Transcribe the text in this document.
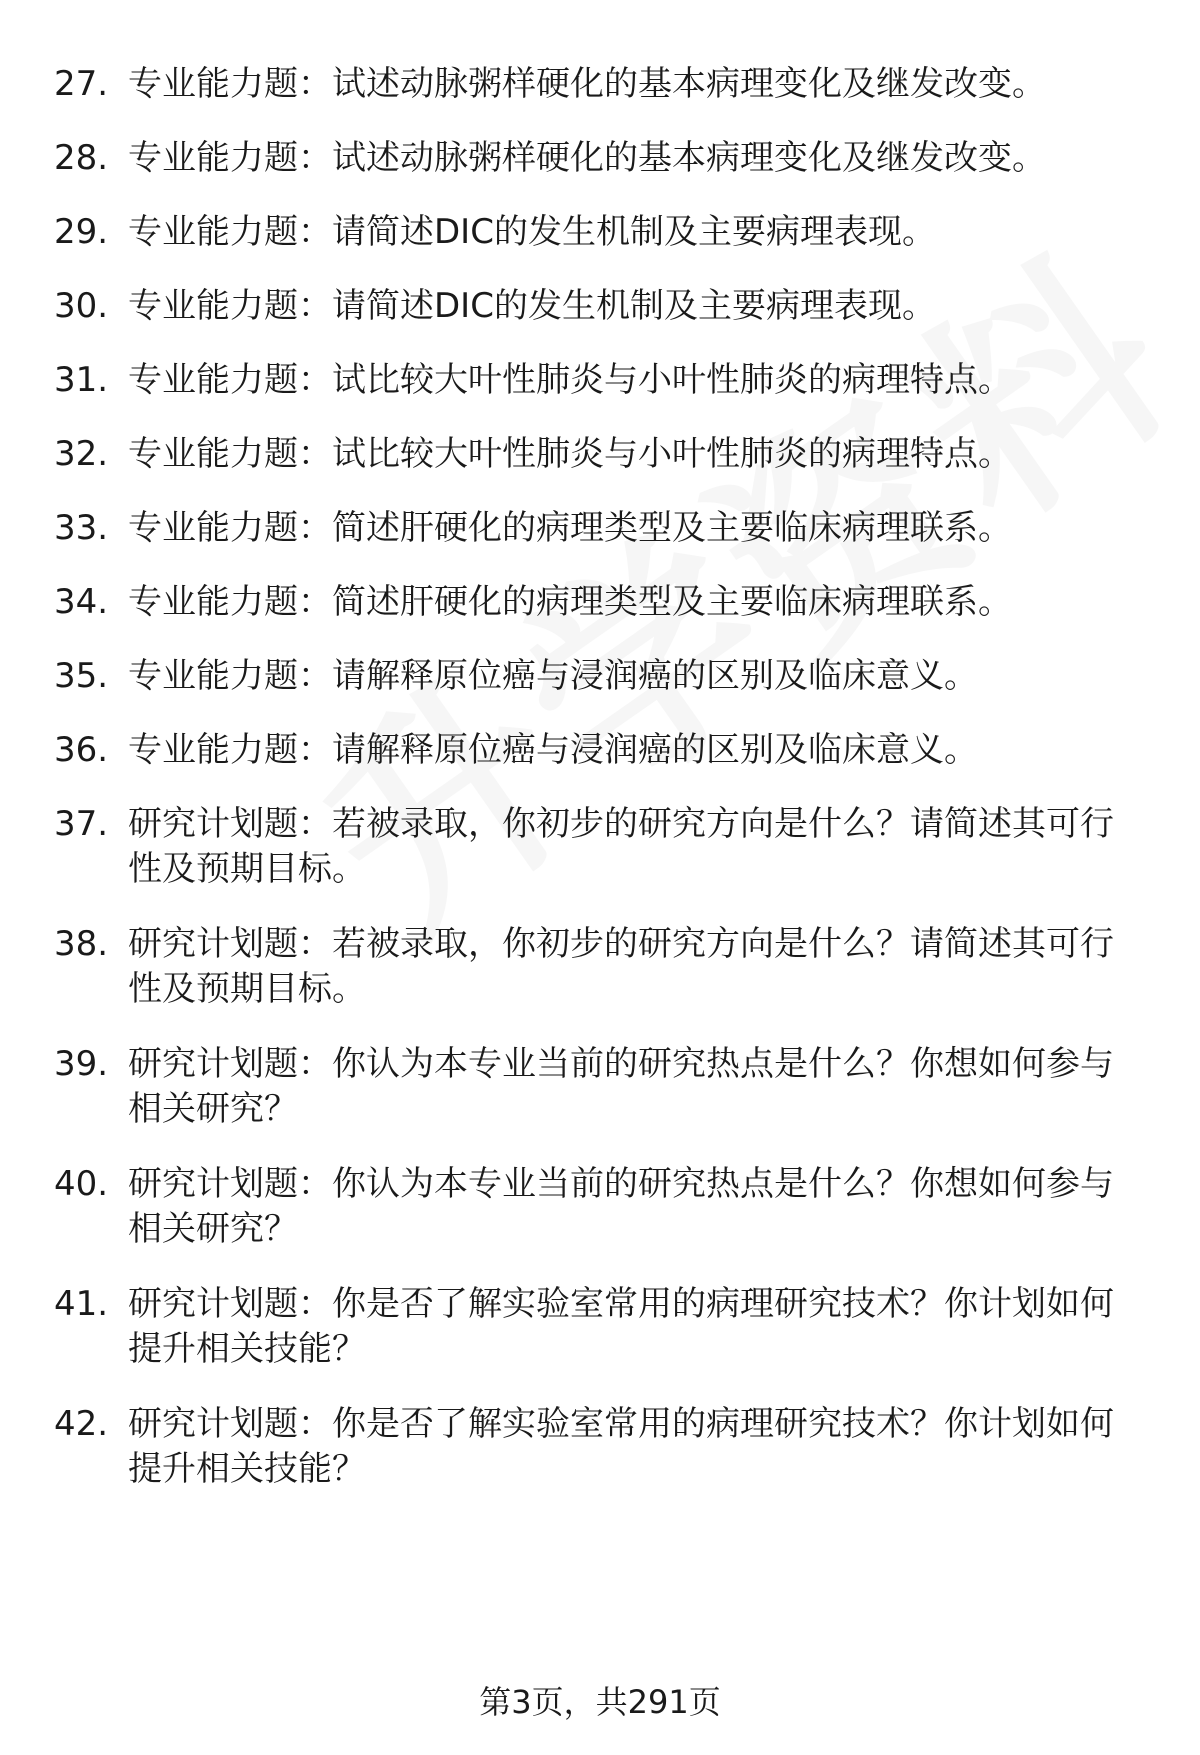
27. 专业能力题：试述动脉粥样硬化的基本病理变化及继发改变。
28. 专业能力题：试述动脉粥样硬化的基本病理变化及继发改变。
29. 专业能力题：请简述DIC的发生机制及主要病理表现。
30. 专业能力题：请简述DIC的发生机制及主要病理表现。
31. 专业能力题：试比较大叶性肺炎与小叶性肺炎的病理特点。
32. 专业能力题：试比较大叶性肺炎与小叶性肺炎的病理特点。
33. 专业能力题：简述肝硬化的病理类型及主要临床病理联系。
34. 专业能力题：简述肝硬化的病理类型及主要临床病理联系。
35. 专业能力题：请解释原位癌与浸润癌的区别及临床意义。
36. 专业能力题：请解释原位癌与浸润癌的区别及临床意义。
37. 研究计划题：若被录取，你初步的研究方向是什么？请简述其可行性及预期目标。
38. 研究计划题：若被录取，你初步的研究方向是什么？请简述其可行性及预期目标。
39. 研究计划题：你认为本专业当前的研究热点是什么？你想如何参与相关研究？
40. 研究计划题：你认为本专业当前的研究热点是什么？你想如何参与相关研究？
41. 研究计划题：你是否了解实验室常用的病理研究技术？你计划如何提升相关技能？
42. 研究计划题：你是否了解实验室常用的病理研究技术？你计划如何提升相关技能？
第3页，共291页
